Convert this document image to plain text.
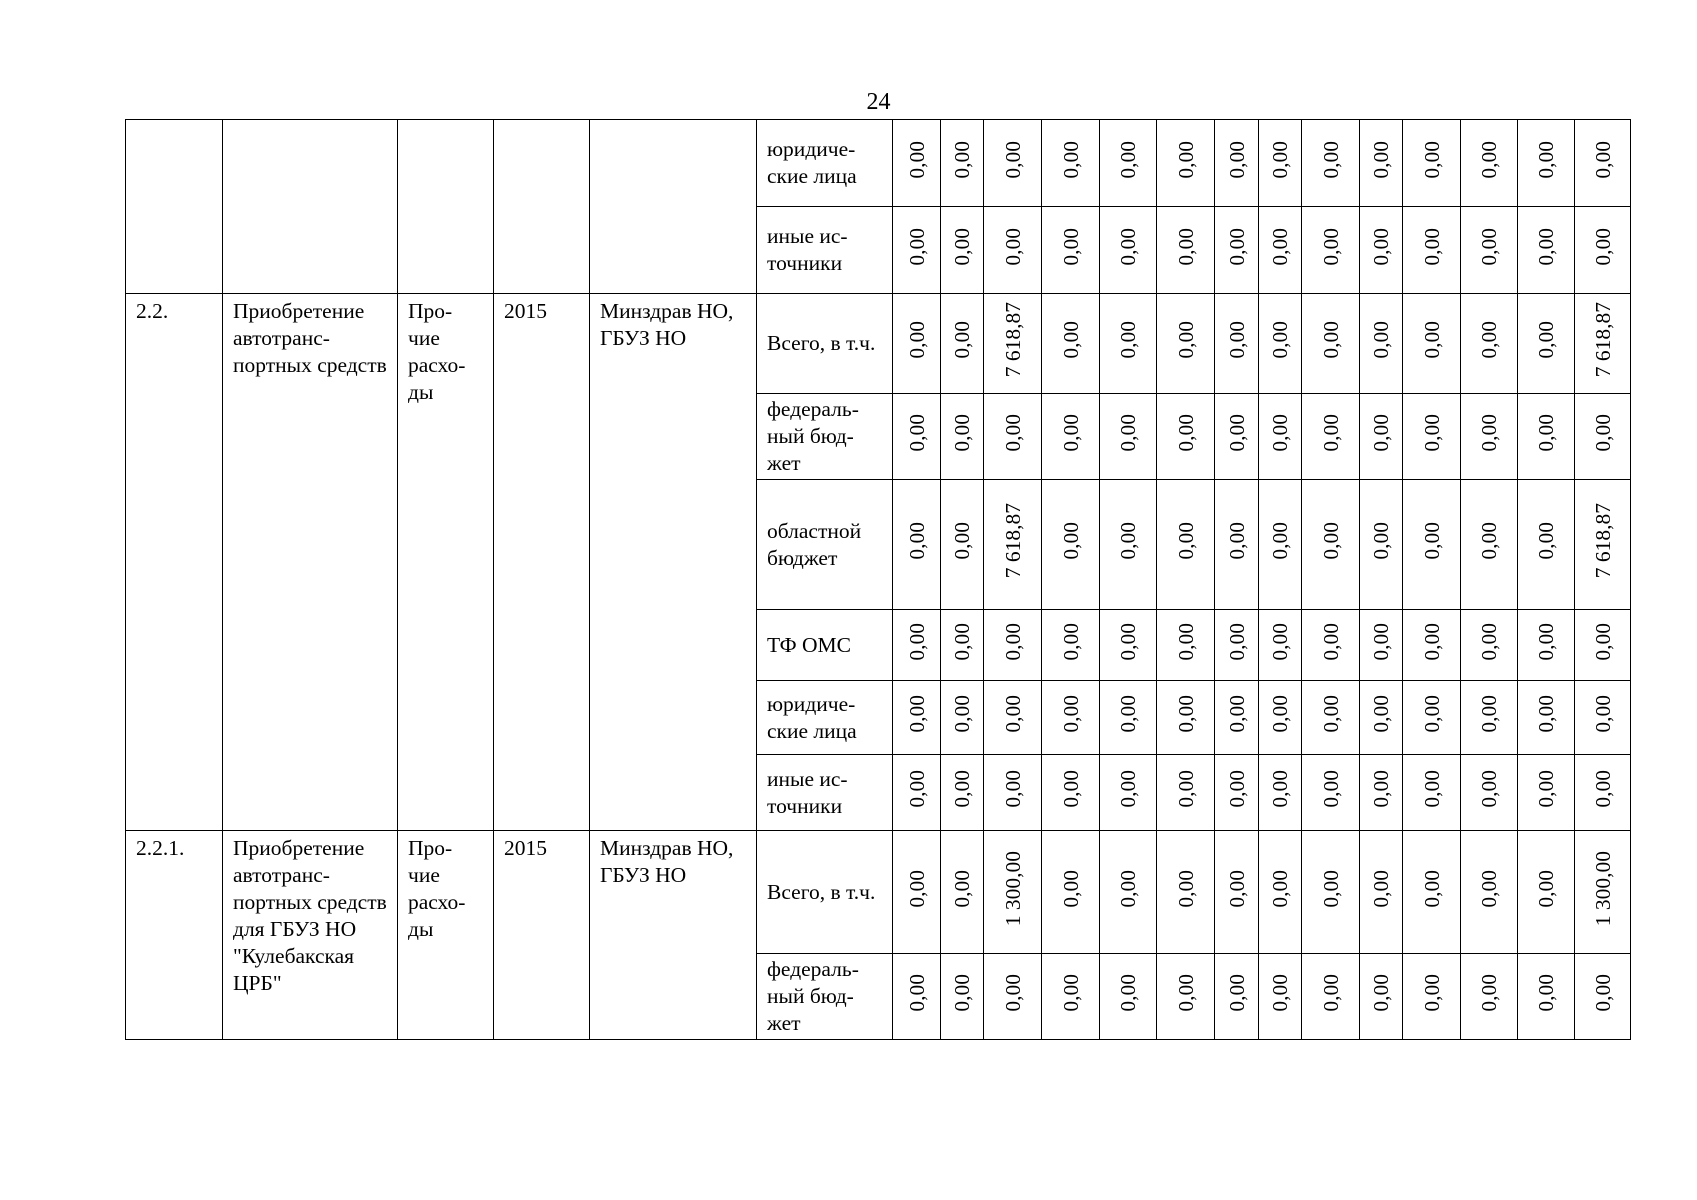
24
					юридиче-ские лица	0,00	0,00	0,00	0,00	0,00	0,00	0,00	0,00	0,00	0,00	0,00	0,00	0,00	0,00
					иные ис-точники	0,00	0,00	0,00	0,00	0,00	0,00	0,00	0,00	0,00	0,00	0,00	0,00	0,00	0,00
2.2.	Приобретение автотранс-портных средств	Про-чие расхо-ды	2015	Минздрав НО, ГБУЗ НО	Всего, в т.ч.	0,00	0,00	7 618,87	0,00	0,00	0,00	0,00	0,00	0,00	0,00	0,00	0,00	0,00	7 618,87
					федераль-ный бюд-жет	0,00	0,00	0,00	0,00	0,00	0,00	0,00	0,00	0,00	0,00	0,00	0,00	0,00	0,00
					областной бюджет	0,00	0,00	7 618,87	0,00	0,00	0,00	0,00	0,00	0,00	0,00	0,00	0,00	0,00	7 618,87
					ТФ ОМС	0,00	0,00	0,00	0,00	0,00	0,00	0,00	0,00	0,00	0,00	0,00	0,00	0,00	0,00
					юридиче-ские лица	0,00	0,00	0,00	0,00	0,00	0,00	0,00	0,00	0,00	0,00	0,00	0,00	0,00	0,00
					иные ис-точники	0,00	0,00	0,00	0,00	0,00	0,00	0,00	0,00	0,00	0,00	0,00	0,00	0,00	0,00
2.2.1.	Приобретение автотранс-портных средств для ГБУЗ НО "Кулебакская ЦРБ"	Про-чие расхо-ды	2015	Минздрав НО, ГБУЗ НО	Всего, в т.ч.	0,00	0,00	1 300,00	0,00	0,00	0,00	0,00	0,00	0,00	0,00	0,00	0,00	0,00	1 300,00
					федераль-ный бюд-жет	0,00	0,00	0,00	0,00	0,00	0,00	0,00	0,00	0,00	0,00	0,00	0,00	0,00	0,00
